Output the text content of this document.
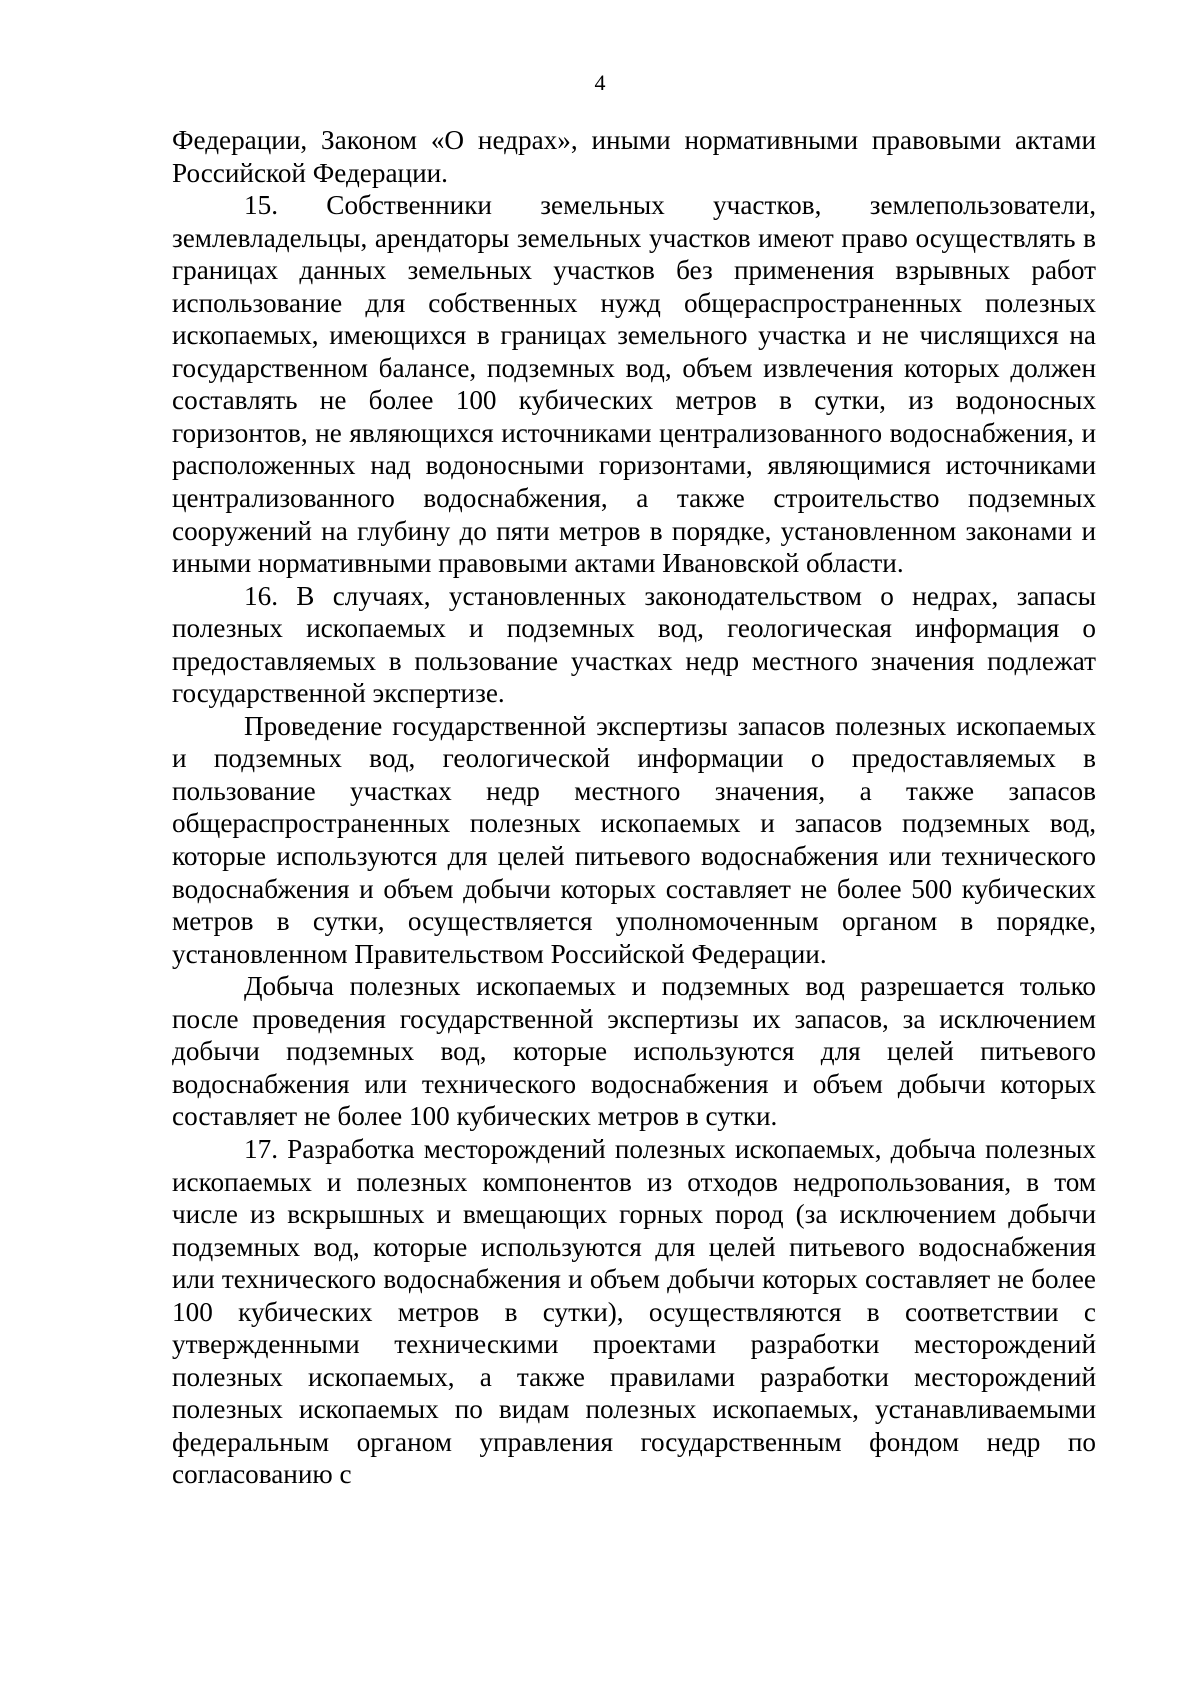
4

Федерации, Законом «О недрах», иными нормативными правовыми актами Российской Федерации.

15. Собственники земельных участков, землепользователи, землевладельцы, арендаторы земельных участков имеют право осуществлять в границах данных земельных участков без применения взрывных работ использование для собственных нужд общераспространенных полезных ископаемых, имеющихся в границах земельного участка и не числящихся на государственном балансе, подземных вод, объем извлечения которых должен составлять не более 100 кубических метров в сутки, из водоносных горизонтов, не являющихся источниками централизованного водоснабжения, и расположенных над водоносными горизонтами, являющимися источниками централизованного водоснабжения, а также строительство подземных сооружений на глубину до пяти метров в порядке, установленном законами и иными нормативными правовыми актами Ивановской области.

16. В случаях, установленных законодательством о недрах, запасы полезных ископаемых и подземных вод, геологическая информация о предоставляемых в пользование участках недр местного значения подлежат государственной экспертизе.

Проведение государственной экспертизы запасов полезных ископаемых и подземных вод, геологической информации о предоставляемых в пользование участках недр местного значения, а также запасов общераспространенных полезных ископаемых и запасов подземных вод, которые используются для целей питьевого водоснабжения или технического водоснабжения и объем добычи которых составляет не более 500 кубических метров в сутки, осуществляется уполномоченным органом в порядке, установленном Правительством Российской Федерации.

Добыча полезных ископаемых и подземных вод разрешается только после проведения государственной экспертизы их запасов, за исключением добычи подземных вод, которые используются для целей питьевого водоснабжения или технического водоснабжения и объем добычи которых составляет не более 100 кубических метров в сутки.

17. Разработка месторождений полезных ископаемых, добыча полезных ископаемых и полезных компонентов из отходов недропользования, в том числе из вскрышных и вмещающих горных пород (за исключением добычи подземных вод, которые используются для целей питьевого водоснабжения или технического водоснабжения и объем добычи которых составляет не более 100 кубических метров в сутки), осуществляются в соответствии с утвержденными техническими проектами разработки месторождений полезных ископаемых, а также правилами разработки месторождений полезных ископаемых по видам полезных ископаемых, устанавливаемыми федеральным органом управления государственным фондом недр по согласованию с
